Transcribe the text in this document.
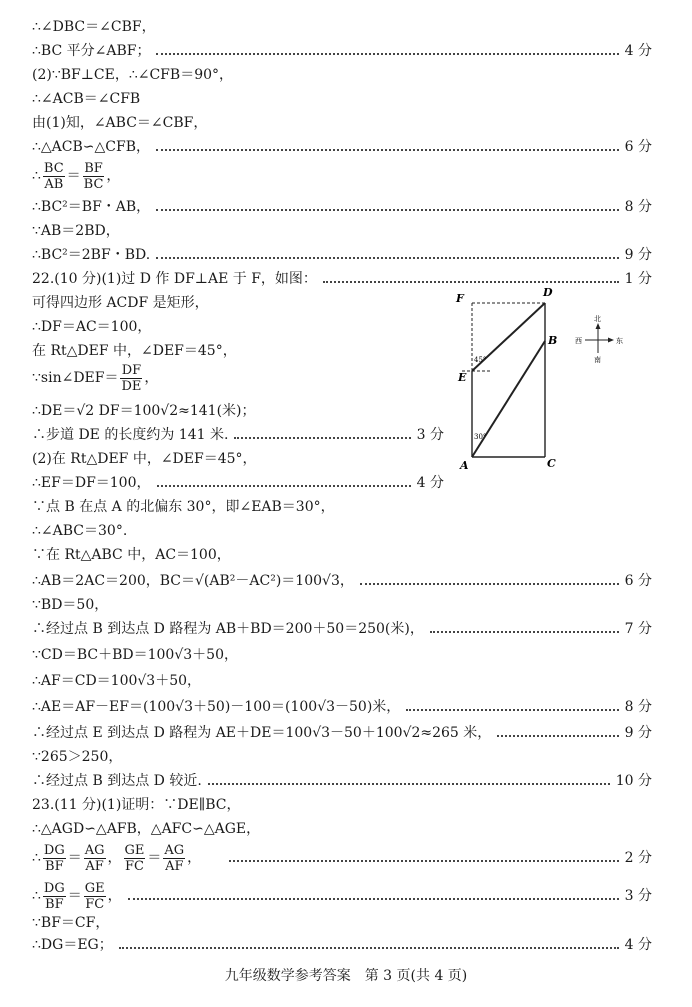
∴∠DBC＝∠CBF，
∴BC 平分∠ABF；	4 分
(2)∵BF⊥CE，∴∠CFB＝90°，
∴∠ACB＝∠CFB
由(1)知，∠ABC＝∠CBF，
∴△ACB∽△CFB，	6 分
∴ $\frac{BC}{AB} = \frac{BF}{BC}$ ，
∴BC²＝BF・AB，	8 分
∵AB＝2BD，
∴BC²＝2BF・BD.	9 分
22.(10 分)(1)过 D 作 DF⊥AE 于 F，如图：	1 分
可得四边形 ACDF 是矩形，
∴DF＝AC＝100，
在 Rt△DEF 中，∠DEF＝45°，
∵sin∠DEF＝ $\frac{DF}{DE}$ ，
∴DE＝√2 DF＝100√2≈141(米)；
∴步道 DE 的长度约为 141 米.	3 分
(2)在 Rt△DEF 中，∠DEF＝45°，
∴EF＝DF＝100，	4 分
∵点 B 在点 A 的北偏东 30°，即∠EAB＝30°，
∴∠ABC＝30°.
∵在 Rt△ABC 中，AC＝100，
∴AB＝2AC＝200，BC＝√(AB²－AC²)＝100√3，	6 分
∵BD＝50，
∴经过点 B 到达点 D 路程为 AB＋BD＝200＋50＝250(米)，	7 分
∵CD＝BC＋BD＝100√3＋50，
∴AF＝CD＝100√3＋50，
∴AE＝AF－EF＝(100√3＋50)－100＝(100√3－50)米，	8 分
∴经过点 E 到达点 D 路程为 AE＋DE＝100√3－50＋100√2≈265 米，	9 分
∵265＞250，
∴经过点 B 到达点 D 较近.	10 分
23.(11 分)(1)证明：∵DE∥BC，
∴△AGD∽△AFB，△AFC∽△AGE，
∴ $\frac{DG}{BF} = \frac{AG}{AF}$ ， $\frac{GE}{FC} = \frac{AG}{AF}$ ，	2 分
∴ $\frac{DG}{BF} = \frac{GE}{FC}$ ，	3 分
∵BF＝CF，
∴DG＝EG；	4 分
F	D
B
E
A	C
45°
30°
北
南
东
西
九年级数学参考答案　第 3 页(共 4 页)
